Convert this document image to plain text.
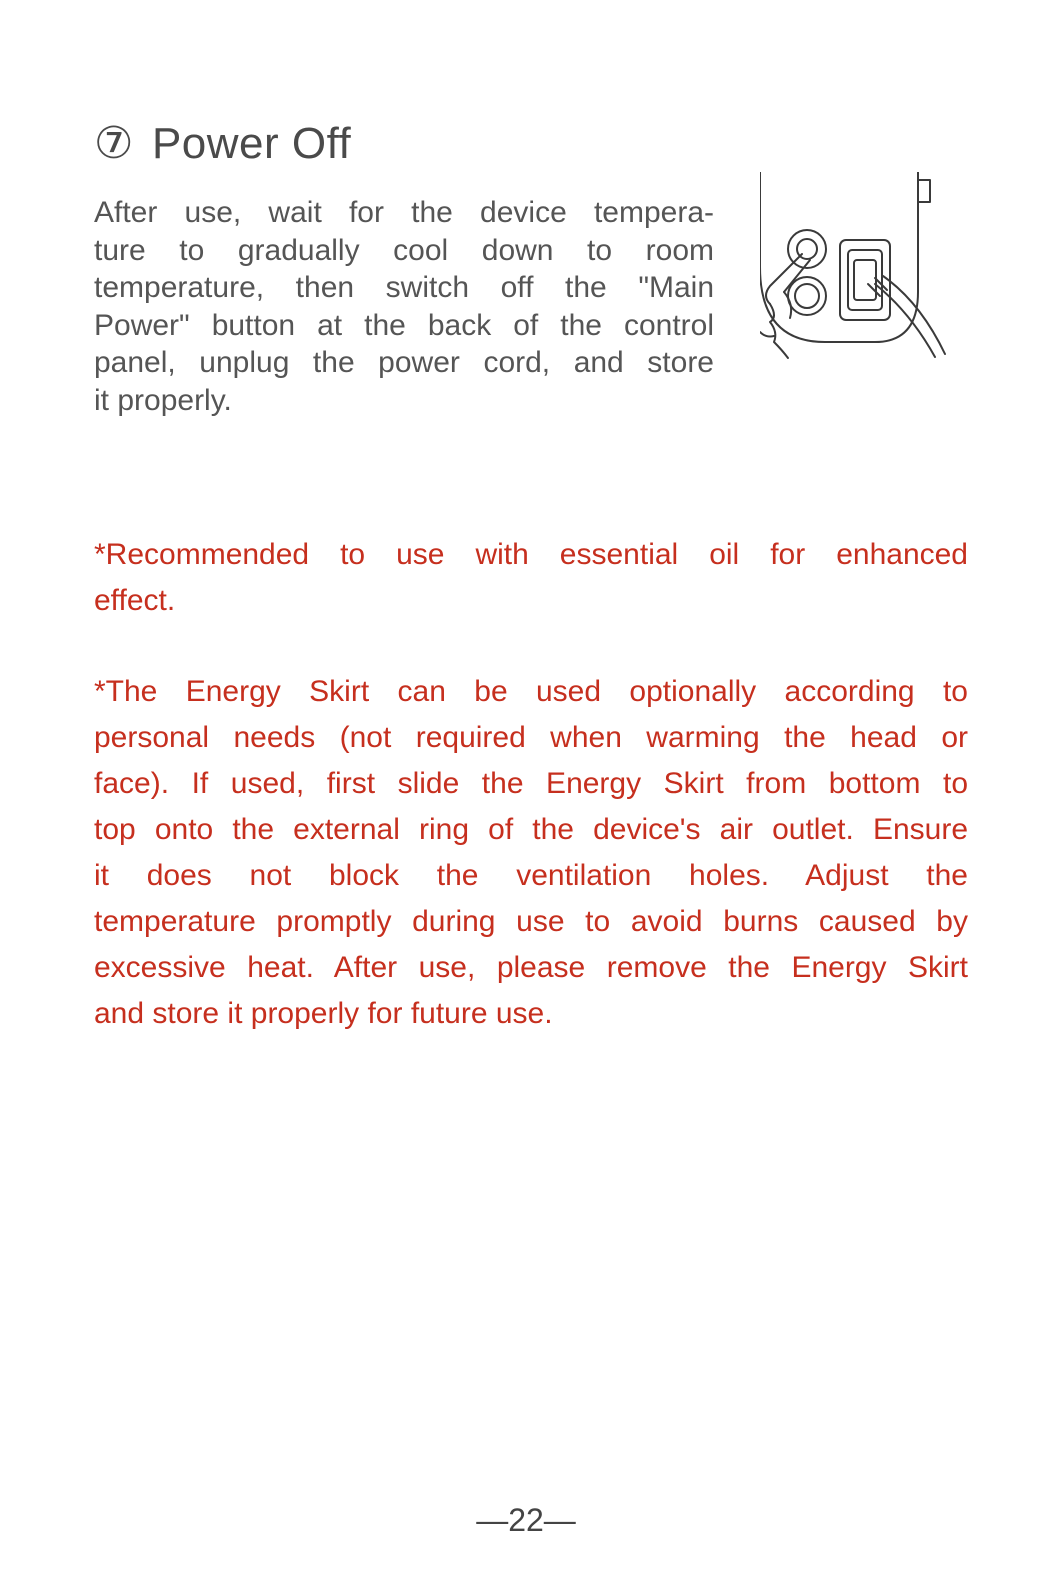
⑦ Power Off

After use, wait for the device tempera-
ture to gradually cool down to room
temperature, then switch off the "Main
Power" button at the back of the control
panel, unplug the power cord, and store
it properly.

*Recommended to use with essential oil for enhanced
effect.

*The Energy Skirt can be used optionally according to
personal needs (not required when warming the head or
face). If used, first slide the Energy Skirt from bottom to
top onto the external ring of the device's air outlet. Ensure
it does not block the ventilation holes. Adjust the
temperature promptly during use to avoid burns caused by
excessive heat. After use, please remove the Energy Skirt
and store it properly for future use.

—22—
